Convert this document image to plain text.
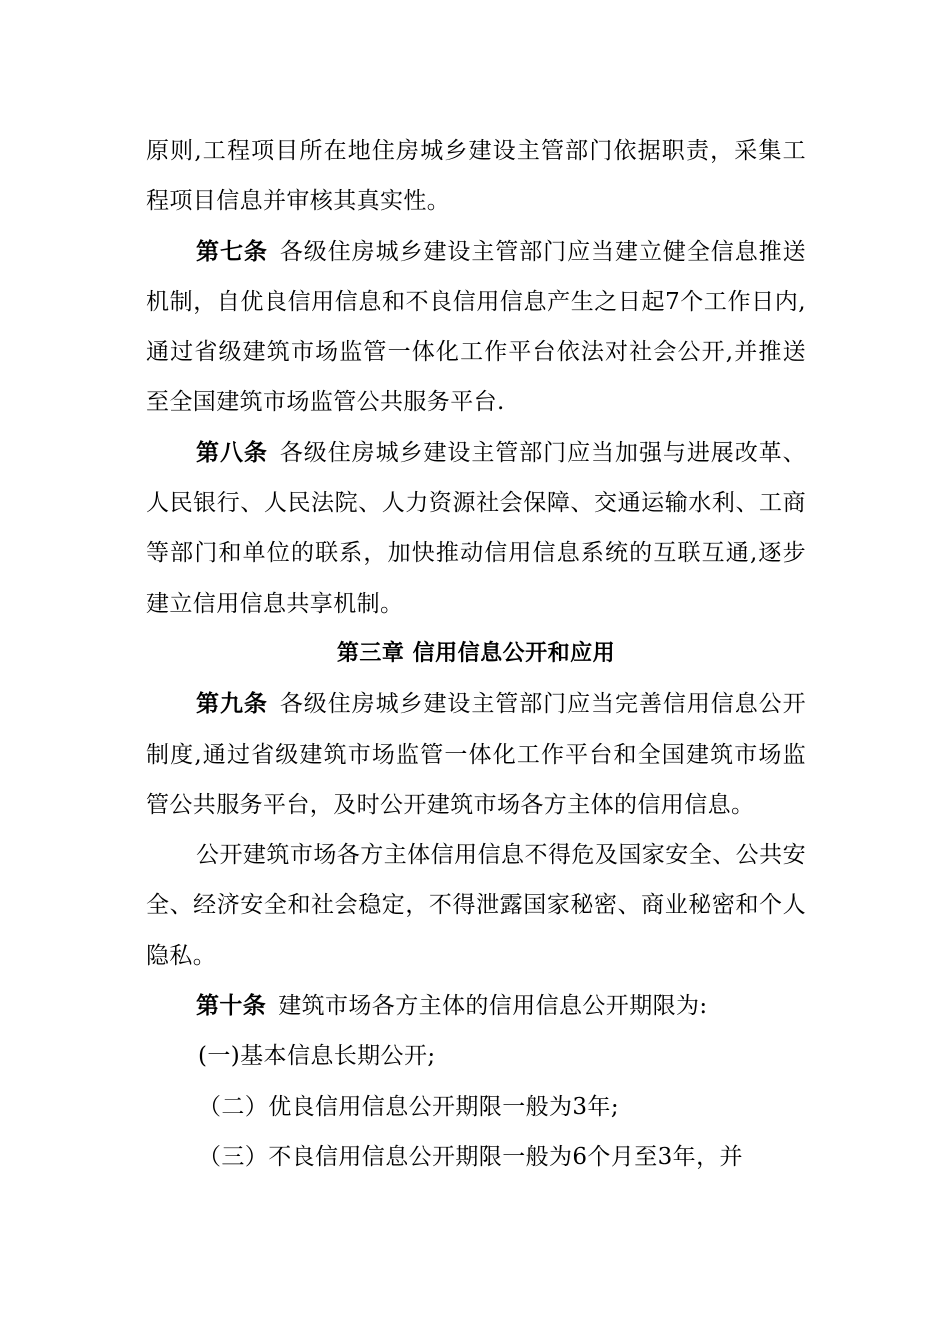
原则,工程项目所在地住房城乡建设主管部门依据职责，采集工程项目信息并审核其真实性。

第七条 各级住房城乡建设主管部门应当建立健全信息推送机制，自优良信用信息和不良信用信息产生之日起7个工作日内,通过省级建筑市场监管一体化工作平台依法对社会公开,并推送至全国建筑市场监管公共服务平台.

第八条 各级住房城乡建设主管部门应当加强与进展改革、人民银行、人民法院、人力资源社会保障、交通运输水利、工商等部门和单位的联系，加快推动信用信息系统的互联互通,逐步建立信用信息共享机制。

第三章 信用信息公开和应用

第九条 各级住房城乡建设主管部门应当完善信用信息公开制度,通过省级建筑市场监管一体化工作平台和全国建筑市场监管公共服务平台，及时公开建筑市场各方主体的信用信息。

公开建筑市场各方主体信用信息不得危及国家安全、公共安全、经济安全和社会稳定，不得泄露国家秘密、商业秘密和个人隐私。

第十条 建筑市场各方主体的信用信息公开期限为:

(一)基本信息长期公开;

（二）优良信用信息公开期限一般为3年;

（三）不良信用信息公开期限一般为6个月至3年，并
